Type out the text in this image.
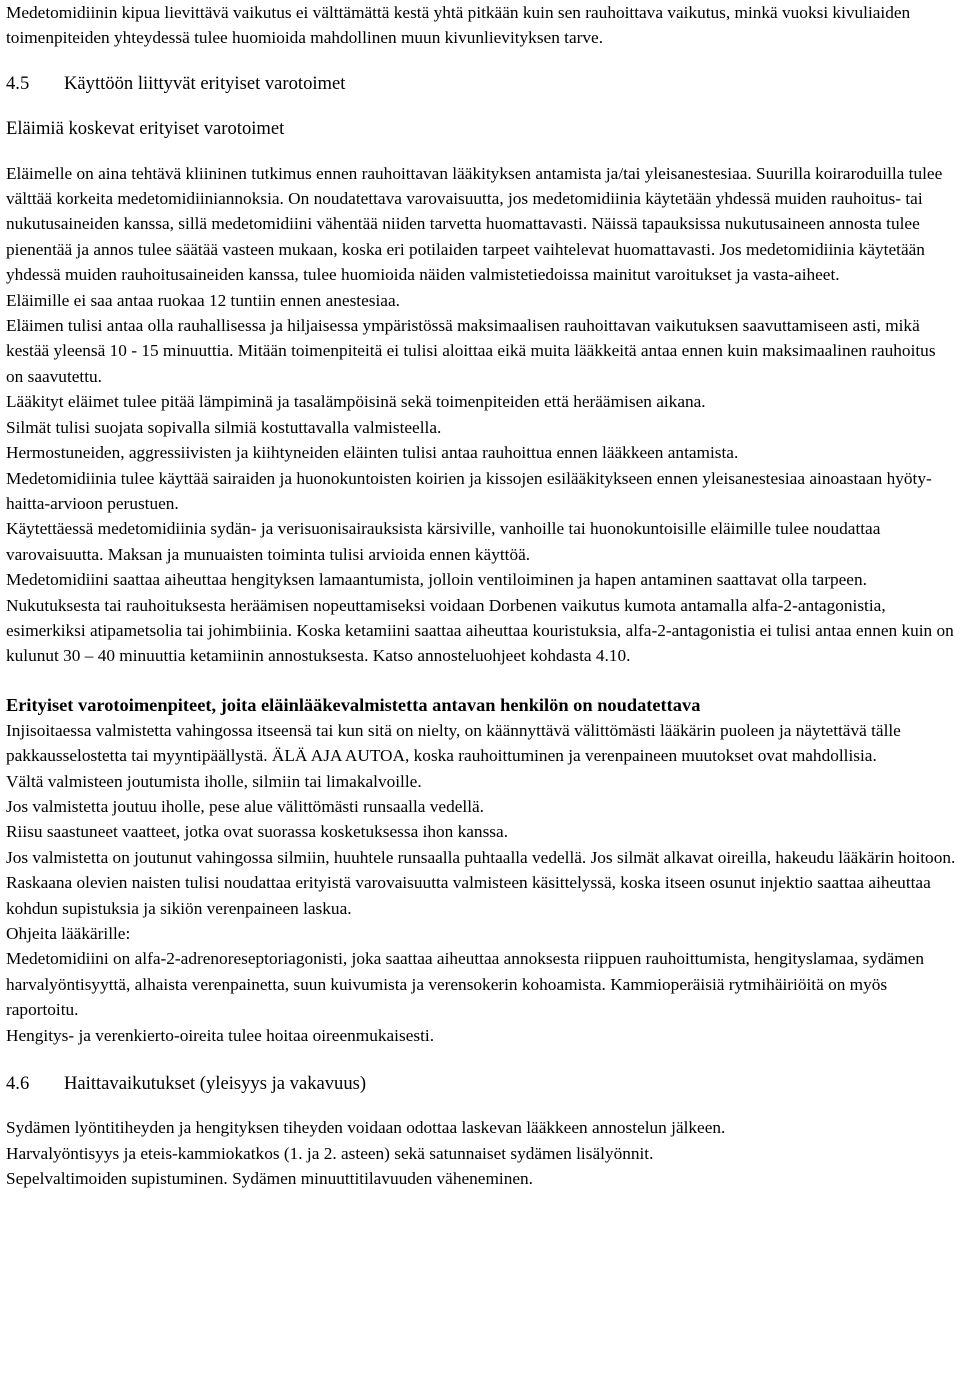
Medetomidiinin kipua lievittävä vaikutus ei välttämättä kestä yhtä pitkään kuin sen rauhoittava vaikutus, minkä vuoksi kivuliaiden toimenpiteiden yhteydessä tulee huomioida mahdollinen muun kivunlievityksen tarve.

4.5	Käyttöön liittyvät erityiset varotoimet

Eläimiä koskevat erityiset varotoimet

Eläimelle on aina tehtävä kliininen tutkimus ennen rauhoittavan lääkityksen antamista ja/tai yleisanestesiaa. Suurilla koiraroduilla tulee välttää korkeita medetomidiiniannoksia. On noudatettava varovaisuutta, jos medetomidiinia käytetään yhdessä muiden rauhoitus- tai nukutusaineiden kanssa, sillä medetomidiini vähentää niiden tarvetta huomattavasti. Näissä tapauksissa nukutusaineen annosta tulee pienentää ja annos tulee säätää vasteen mukaan, koska eri potilaiden tarpeet vaihtelevat huomattavasti. Jos medetomidiinia käytetään yhdessä muiden rauhoitusaineiden kanssa, tulee huomioida näiden valmistetiedoissa mainitut varoitukset ja vasta-aiheet.

Eläimille ei saa antaa ruokaa 12 tuntiin ennen anestesiaa.

Eläimen tulisi antaa olla rauhallisessa ja hiljaisessa ympäristössä maksimaalisen rauhoittavan vaikutuksen saavuttamiseen asti, mikä kestää yleensä 10 - 15 minuuttia. Mitään toimenpiteitä ei tulisi aloittaa eikä muita lääkkeitä antaa ennen kuin maksimaalinen rauhoitus on saavutettu.

Lääkityt eläimet tulee pitää lämpiminä ja tasalämpöisinä sekä toimenpiteiden että heräämisen aikana.

Silmät tulisi suojata sopivalla silmiä kostuttavalla valmisteella.

Hermostuneiden, aggressiivisten ja kiihtyneiden eläinten tulisi antaa rauhoittua ennen lääkkeen antamista.

Medetomidiinia tulee käyttää sairaiden ja huonokuntoisten koirien ja kissojen esilääkitykseen ennen yleisanestesiaa ainoastaan hyöty-haitta-arvioon perustuen.

Käytettäessä medetomidiinia sydän- ja verisuonisairauksista kärsiville, vanhoille tai huonokuntoisille eläimille tulee noudattaa varovaisuutta. Maksan ja munuaisten toiminta tulisi arvioida ennen käyttöä.

Medetomidiini saattaa aiheuttaa hengityksen lamaantumista, jolloin ventiloiminen ja hapen antaminen saattavat olla tarpeen.

Nukutuksesta tai rauhoituksesta heräämisen nopeuttamiseksi voidaan Dorbenen vaikutus kumota antamalla alfa-2-antagonistia, esimerkiksi atipametsolia tai johimbiinia. Koska ketamiini saattaa aiheuttaa kouristuksia, alfa-2-antagonistia ei tulisi antaa ennen kuin on kulunut 30 – 40 minuuttia ketamiinin annostuksesta. Katso annosteluohjeet kohdasta 4.10.

Erityiset varotoimenpiteet, joita eläinlääkevalmistetta antavan henkilön on noudatettava

Injisoitaessa valmistetta vahingossa itseensä tai kun sitä on nielty, on käännyttävä välittömästi lääkärin puoleen ja näytettävä tälle pakkausselostetta tai myyntipäällystä. ÄLÄ AJA AUTOA, koska rauhoittuminen ja verenpaineen muutokset ovat mahdollisia.

Vältä valmisteen joutumista iholle, silmiin tai limakalvoille.

Jos valmistetta joutuu iholle, pese alue välittömästi runsaalla vedellä.

Riisu saastuneet vaatteet, jotka ovat suorassa kosketuksessa ihon kanssa.

Jos valmistetta on joutunut vahingossa silmiin, huuhtele runsaalla puhtaalla vedellä. Jos silmät alkavat oireilla, hakeudu lääkärin hoitoon.

Raskaana olevien naisten tulisi noudattaa erityistä varovaisuutta valmisteen käsittelyssä, koska itseen osunut injektio saattaa aiheuttaa kohdun supistuksia ja sikiön verenpaineen laskua.

Ohjeita lääkärille:

Medetomidiini on alfa-2-adrenoreseptoriagonisti, joka saattaa aiheuttaa annoksesta riippuen rauhoittumista, hengityslamaa, sydämen harvalyöntisyyttä, alhaista verenpainetta, suun kuivumista ja verensokerin kohoamista. Kammioperäisiä rytmihäiriöitä on myös raportoitu.

Hengitys- ja verenkierto-oireita tulee hoitaa oireenmukaisesti.

4.6	Haittavaikutukset (yleisyys ja vakavuus)

Sydämen lyöntitiheyden ja hengityksen tiheyden voidaan odottaa laskevan lääkkeen annostelun jälkeen.

Harvalyöntisyys ja eteis-kammiokatkos (1. ja 2. asteen) sekä satunnaiset sydämen lisälyönnit.

Sepelvaltimoiden supistuminen. Sydämen minuuttitilavuuden väheneminen.
